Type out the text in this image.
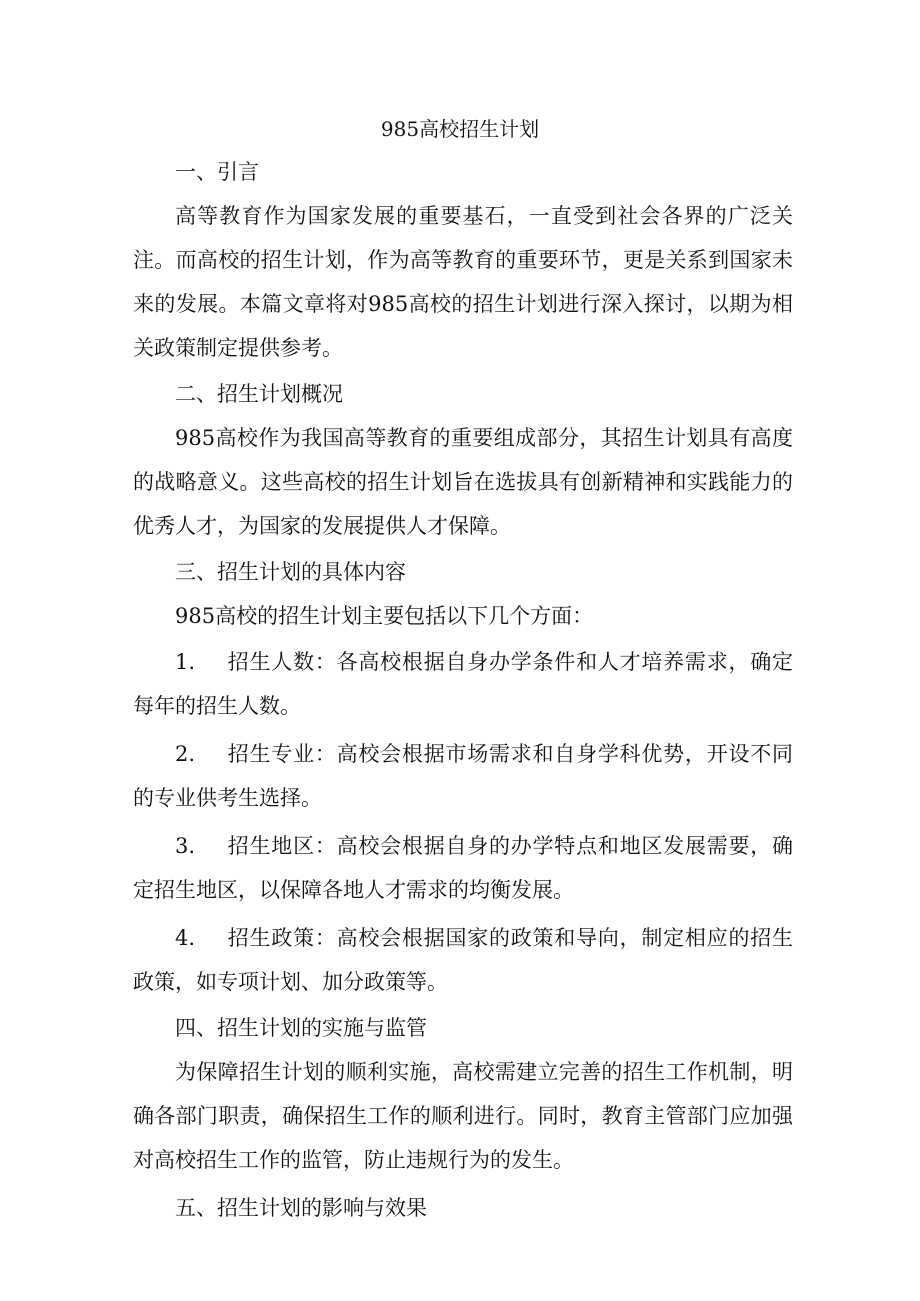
985高校招生计划

一、引言

高等教育作为国家发展的重要基石，一直受到社会各界的广泛关注。而高校的招生计划，作为高等教育的重要环节，更是关系到国家未来的发展。本篇文章将对985高校的招生计划进行深入探讨，以期为相关政策制定提供参考。

二、招生计划概况

985高校作为我国高等教育的重要组成部分，其招生计划具有高度的战略意义。这些高校的招生计划旨在选拔具有创新精神和实践能力的优秀人才，为国家的发展提供人才保障。

三、招生计划的具体内容

985高校的招生计划主要包括以下几个方面：

1. 招生人数：各高校根据自身办学条件和人才培养需求，确定每年的招生人数。

2. 招生专业：高校会根据市场需求和自身学科优势，开设不同的专业供考生选择。

3. 招生地区：高校会根据自身的办学特点和地区发展需要，确定招生地区，以保障各地人才需求的均衡发展。

4. 招生政策：高校会根据国家的政策和导向，制定相应的招生政策，如专项计划、加分政策等。

四、招生计划的实施与监管

为保障招生计划的顺利实施，高校需建立完善的招生工作机制，明确各部门职责，确保招生工作的顺利进行。同时，教育主管部门应加强对高校招生工作的监管，防止违规行为的发生。

五、招生计划的影响与效果
